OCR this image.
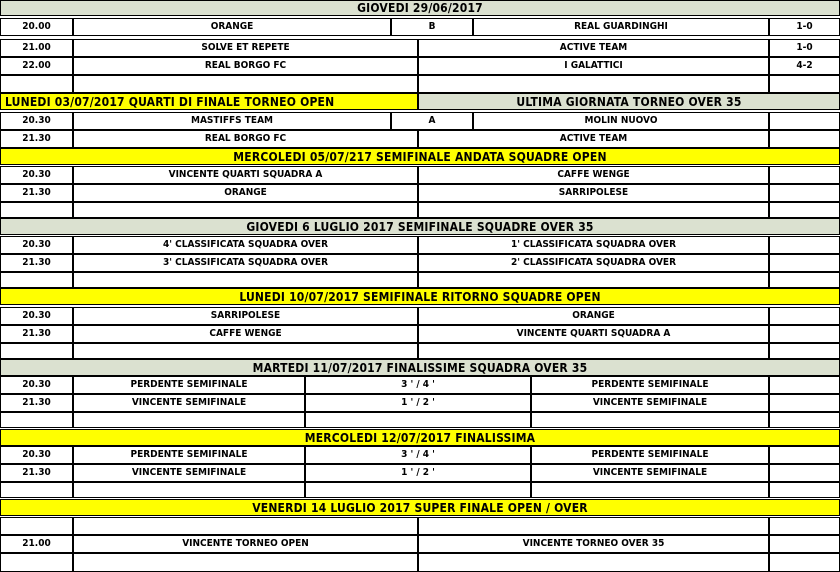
GIOVEDI 29/06/2017
20.00	ORANGE	B	REAL GUARDINGHI	1-0
21.00	SOLVE ET REPETE	ACTIVE TEAM	1-0
22.00	REAL BORGO FC	I GALATTICI	4-2
LUNEDI 03/07/2017 QUARTI DI FINALE TORNEO OPEN	ULTIMA GIORNATA TORNEO OVER 35
20.30	MASTIFFS TEAM	A	MOLIN NUOVO
21.30	REAL BORGO FC	ACTIVE TEAM
MERCOLEDI 05/07/217 SEMIFINALE ANDATA SQUADRE OPEN
20.30	VINCENTE QUARTI SQUADRA A	CAFFE WENGE
21.30	ORANGE	SARRIPOLESE
GIOVEDI 6 LUGLIO 2017 SEMIFINALE SQUADRE OVER 35
20.30	4' CLASSIFICATA SQUADRA OVER	1' CLASSIFICATA SQUADRA OVER
21.30	3' CLASSIFICATA SQUADRA OVER	2' CLASSIFICATA SQUADRA OVER
LUNEDI 10/07/2017 SEMIFINALE RITORNO SQUADRE OPEN
20.30	SARRIPOLESE	ORANGE
21.30	CAFFE WENGE	VINCENTE QUARTI SQUADRA A
MARTEDI 11/07/2017 FINALISSIME SQUADRA OVER 35
20.30	PERDENTE SEMIFINALE	3 ' / 4 '	PERDENTE SEMIFINALE
21.30	VINCENTE SEMIFINALE	1 ' / 2 '	VINCENTE SEMIFINALE
MERCOLEDI 12/07/2017 FINALISSIMA
20.30	PERDENTE SEMIFINALE	3 ' / 4 '	PERDENTE SEMIFINALE
21.30	VINCENTE SEMIFINALE	1 ' / 2 '	VINCENTE SEMIFINALE
VENERDI 14 LUGLIO 2017 SUPER FINALE OPEN / OVER
21.00	VINCENTE TORNEO OPEN	VINCENTE TORNEO OVER 35
